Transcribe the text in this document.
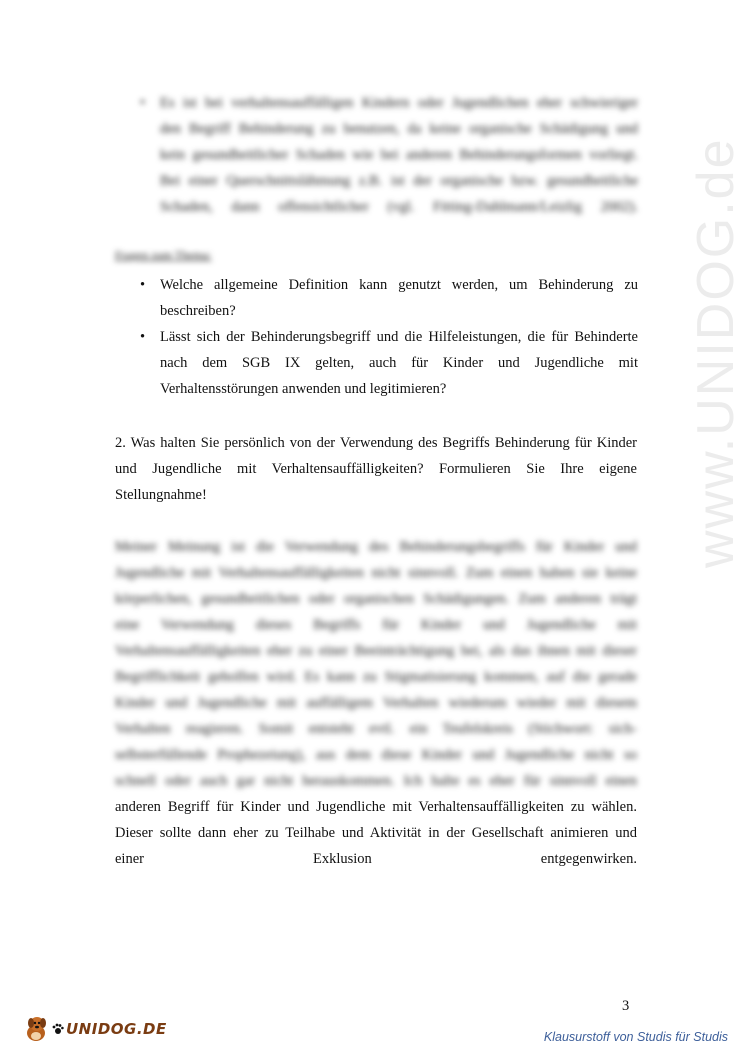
www.UNIDOG.de
• Es ist bei verhaltensauffälligen Kindern oder Jugendlichen eher schwieriger
den Begriff Behinderung zu benutzen, da keine organische Schädigung und
kein gesundheitlicher Schaden wie bei anderen Behinderungsformen vorliegt.
Bei einer Querschnittslähmung z.B. ist der organische bzw. gesundheitliche
Schaden, dann offensichtlicher (vgl. Fitting-Dahlmann/Leizlig 2002).
Fragen zum Thema:
• Welche allgemeine Definition kann genutzt werden, um Behinderung zu beschreiben?
• Lässt sich der Behinderungsbegriff und die Hilfeleistungen, die für Behinderte nach dem SGB IX gelten, auch für Kinder und Jugendliche mit Verhaltensstörungen anwenden und legitimieren?
2. Was halten Sie persönlich von der Verwendung des Begriffs Behinderung für Kinder und Jugendliche mit Verhaltensauffälligkeiten? Formulieren Sie Ihre eigene Stellungnahme!
Meiner Meinung ist die Verwendung des Behinderungsbegriffs für Kinder und
Jugendliche mit Verhaltensauffälligkeiten nicht sinnvoll. Zum einen haben sie keine
körperlichen, gesundheitlichen oder organischen Schädigungen. Zum anderen trägt
eine Verwendung dieses Begriffs für Kinder und Jugendliche mit
Verhaltensauffälligkeiten eher zu einer Beeinträchtigung bei, als das ihnen mit dieser
Begrifflichkeit geholfen wird. Es kann zu Stigmatisierung kommen, auf die gerade
Kinder und Jugendliche mit auffälligem Verhalten wiederum wieder mit diesem
Verhalten reagieren. Somit entsteht evtl. ein Teufelskreis (Stichwort: sich-
selbsterfüllende Prophezeiung), aus dem diese Kinder und Jugendliche nicht so
schnell oder auch gar nicht herauskommen. Ich halte es eher für sinnvoll einen
anderen Begriff für Kinder und Jugendliche mit Verhaltensauffälligkeiten zu wählen.
Dieser sollte dann eher zu Teilhabe und Aktivität in der Gesellschaft animieren und
einer	Exklusion	entgegenwirken.
3
UNIDOG.DE	Klausurstoff von Studis für Studis
